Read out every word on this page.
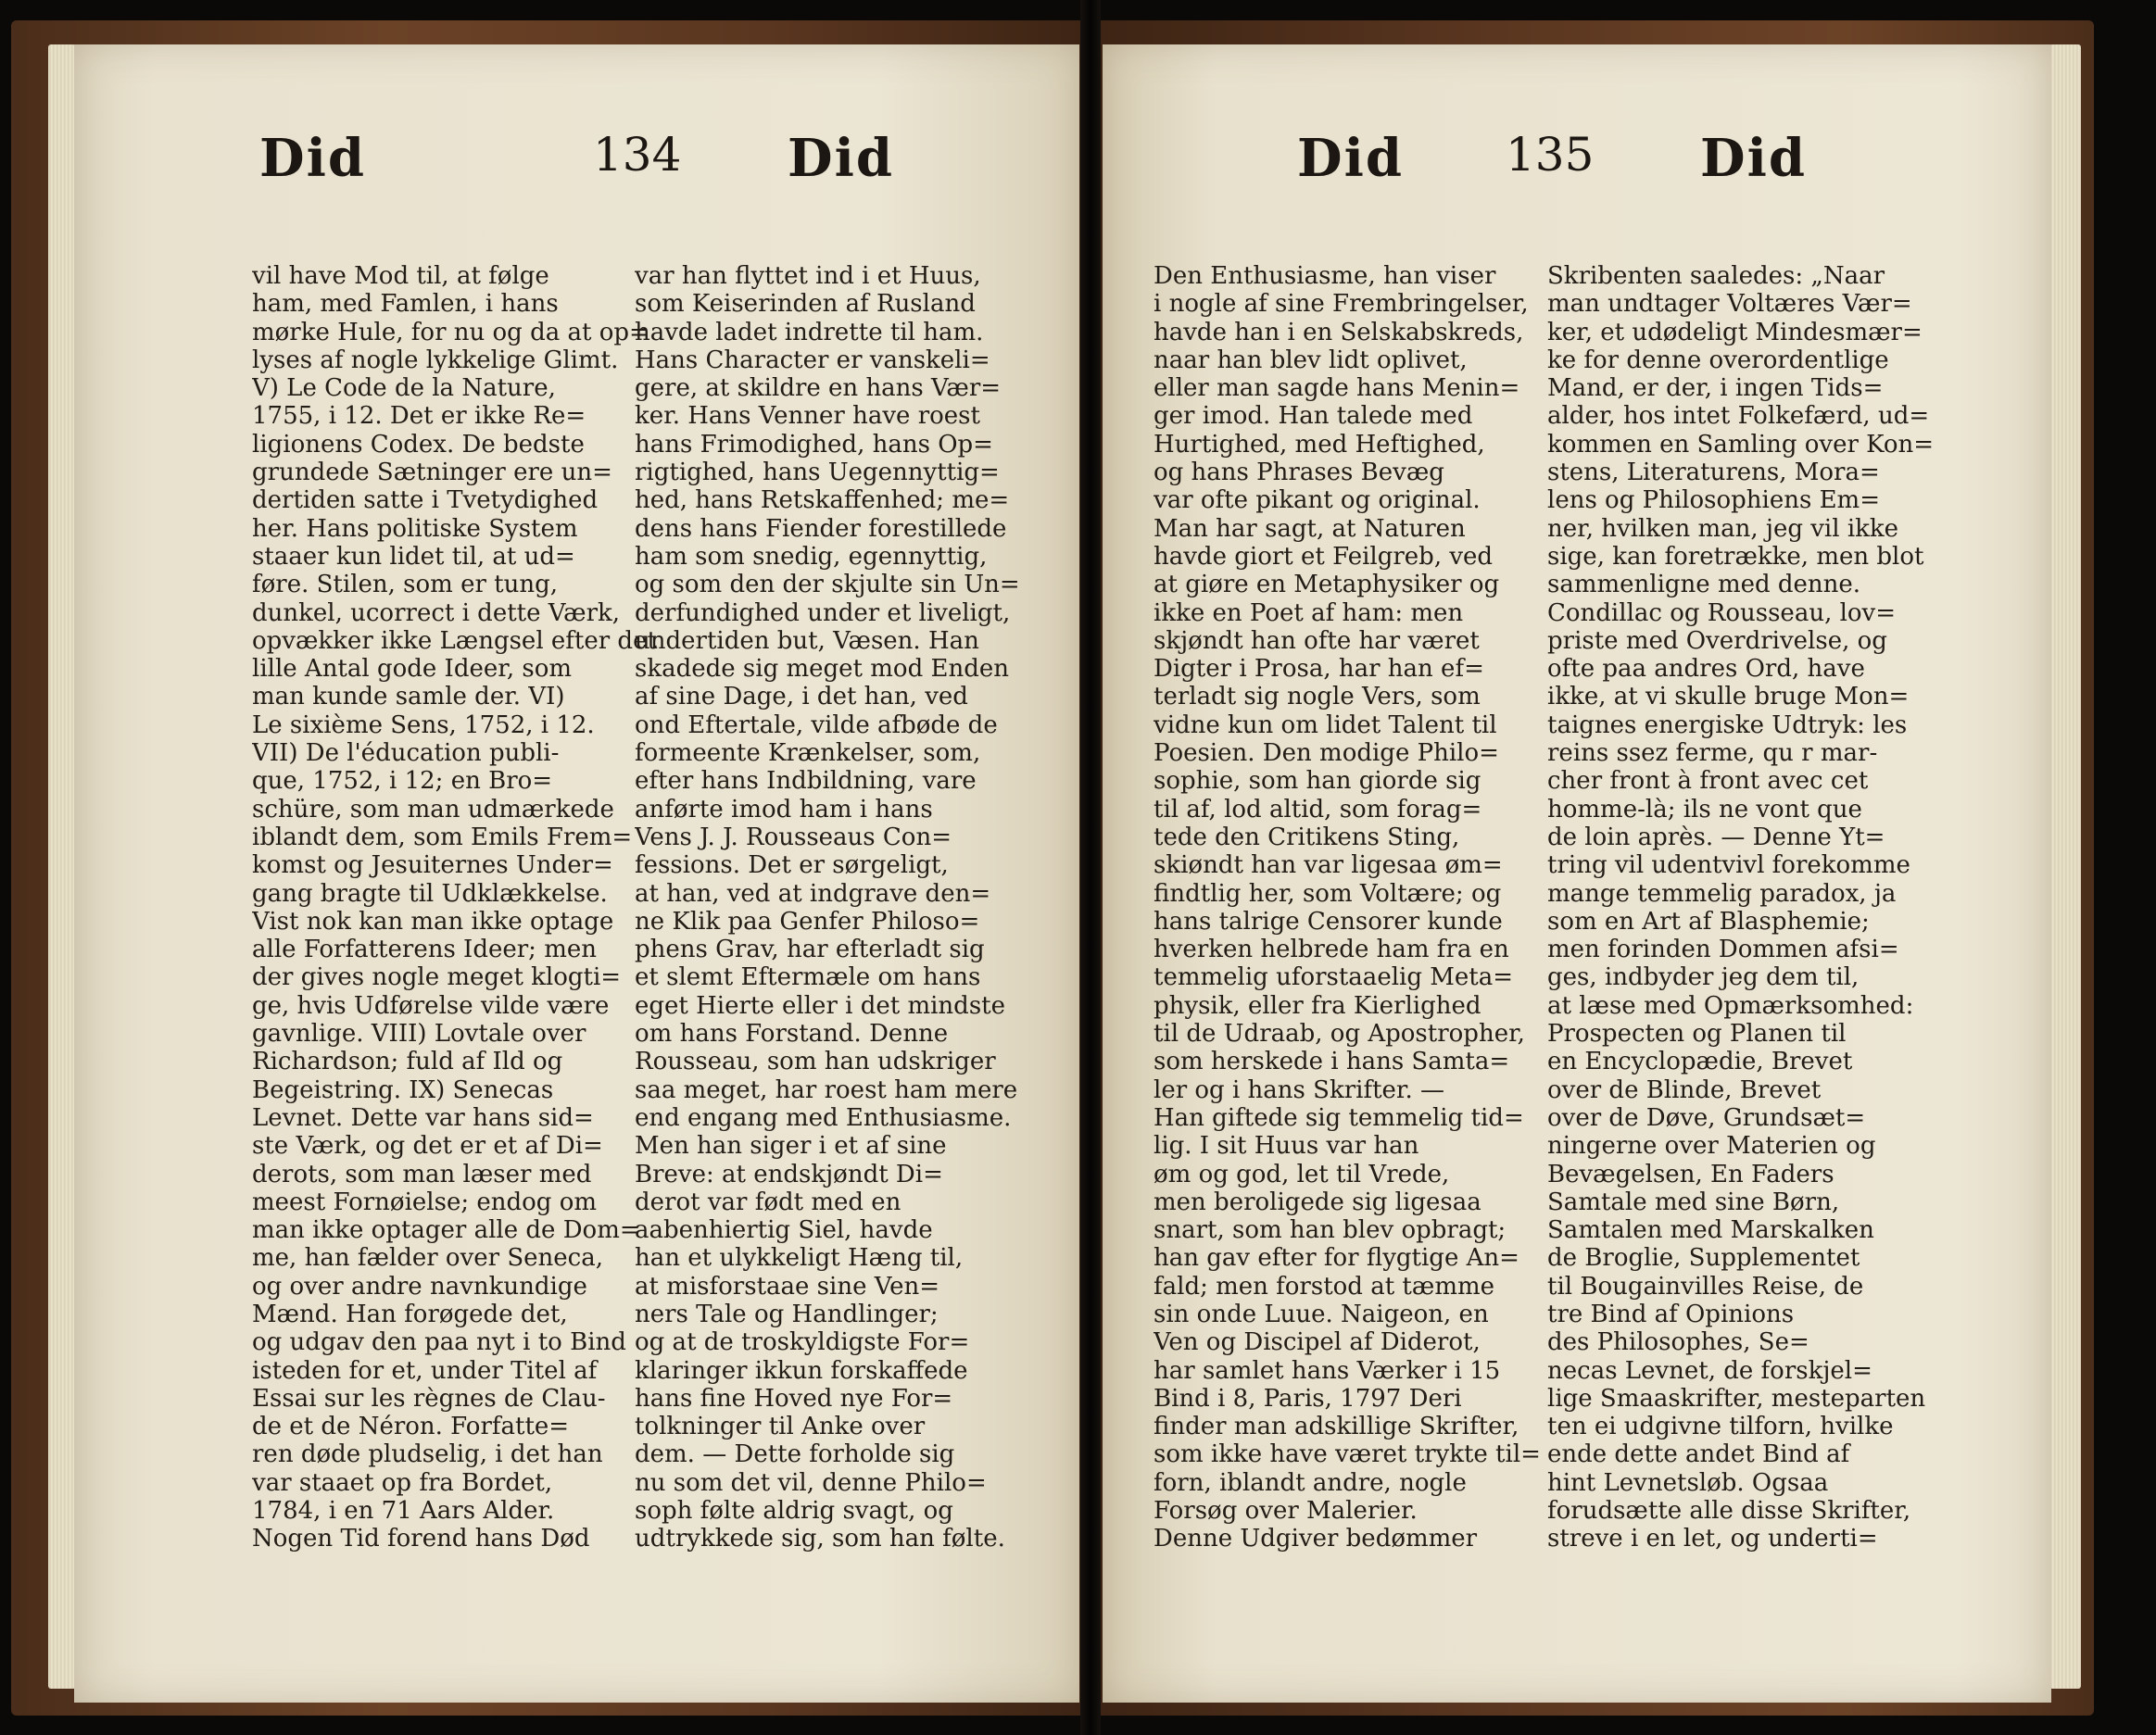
Did	134 Did
vil have Mod til, at følge
ham, med Famlen, i hans
mørke Hule, for nu og da at op=
lyses af nogle lykkelige Glimt.
V) Le Code de la Nature,
1755, i 12. Det er ikke Re=
ligionens Codex. De bedste
grundede Sætninger ere un=
dertiden satte i Tvetydighed
her. Hans politiske System
staaer kun lidet til, at ud=
føre. Stilen, som er tung,
dunkel, ucorrect i dette Værk,
opvækker ikke Længsel efter det
lille Antal gode Ideer, som
man kunde samle der. VI)
Le sixième Sens, 1752, i 12.
VII) De l'éducation publi-
que, 1752, i 12; en Bro=
schüre, som man udmærkede
iblandt dem, som Emils Frem=
komst og Jesuiternes Under=
gang bragte til Udklækkelse.
Vist nok kan man ikke optage
alle Forfatterens Ideer; men
der gives nogle meget klogti=
ge, hvis Udførelse vilde være
gavnlige. VIII) Lovtale over
Richardson; fuld af Ild og
Begeistring. IX) Senecas
Levnet. Dette var hans sid=
ste Værk, og det er et af Di=
derots, som man læser med
meest Fornøielse; endog om
man ikke optager alle de Dom=
me, han fælder over Seneca,
og over andre navnkundige
Mænd. Han forøgede det,
og udgav den paa nyt i to Bind
isteden for et, under Titel af
Essai sur les règnes de Clau-
de et de Néron. Forfatte=
ren døde pludselig, i det han
var staaet op fra Bordet,
1784, i en 71 Aars Alder.
Nogen Tid forend hans Død
var han flyttet ind i et Huus,
som Keiserinden af Rusland
havde ladet indrette til ham.
Hans Character er vanskeli=
gere, at skildre en hans Vær=
ker. Hans Venner have roest
hans Frimodighed, hans Op=
rigtighed, hans Uegennyttig=
hed, hans Retskaffenhed; me=
dens hans Fiender forestillede
ham som snedig, egennyttig,
og som den der skjulte sin Un=
derfundighed under et liveligt,
undertiden but, Væsen. Han
skadede sig meget mod Enden
af sine Dage, i det han, ved
ond Eftertale, vilde afbøde de
formeente Krænkelser, som,
efter hans Indbildning, vare
anførte imod ham i hans
Vens J. J. Rousseaus Con=
fessions. Det er sørgeligt,
at han, ved at indgrave den=
ne Klik paa Genfer Philoso=
phens Grav, har efterladt sig
et slemt Eftermæle om hans
eget Hierte eller i det mindste
om hans Forstand. Denne
Rousseau, som han udskriger
saa meget, har roest ham mere
end engang med Enthusiasme.
Men han siger i et af sine
Breve: at endskjøndt Di=
derot var født med en
aabenhiertig Siel, havde
han et ulykkeligt Hæng til,
at misforstaae sine Ven=
ners Tale og Handlinger;
og at de troskyldigste For=
klaringer ikkun forskaffede
hans fine Hoved nye For=
tolkninger til Anke over
dem. — Dette forholde sig
nu som det vil, denne Philo=
soph følte aldrig svagt, og
udtrykkede sig, som han følte.
Did 135 Did
Den Enthusiasme, han viser
i nogle af sine Frembringelser,
havde han i en Selskabskreds,
naar han blev lidt oplivet,
eller man sagde hans Menin=
ger imod. Han talede med
Hurtighed, med Heftighed,
og hans Phrases Bevæg
var ofte pikant og original.
Man har sagt, at Naturen
havde giort et Feilgreb, ved
at giøre en Metaphysiker og
ikke en Poet af ham: men
skjøndt han ofte har været
Digter i Prosa, har han ef=
terladt sig nogle Vers, som
vidne kun om lidet Talent til
Poesien. Den modige Philo=
sophie, som han giorde sig
til af, lod altid, som forag=
tede den Critikens Sting,
skiøndt han var ligesaa øm=
findtlig her, som Voltære; og
hans talrige Censorer kunde
hverken helbrede ham fra en
temmelig uforstaaelig Meta=
physik, eller fra Kierlighed
til de Udraab, og Apostropher,
som herskede i hans Samta=
ler og i hans Skrifter. —
Han giftede sig temmelig tid=
lig. I sit Huus var han
øm og god, let til Vrede,
men beroligede sig ligesaa
snart, som han blev opbragt;
han gav efter for flygtige An=
fald; men forstod at tæmme
sin onde Luue. Naigeon, en
Ven og Discipel af Diderot,
har samlet hans Værker i 15
Bind i 8, Paris, 1797 Deri
finder man adskillige Skrifter,
som ikke have været trykte til=
forn, iblandt andre, nogle
Forsøg over Malerier.
Denne Udgiver bedømmer
Skribenten saaledes: „Naar
man undtager Voltæres Vær=
ker, et udødeligt Mindesmær=
ke for denne overordentlige
Mand, er der, i ingen Tids=
alder, hos intet Folkefærd, ud=
kommen en Samling over Kon=
stens, Literaturens, Mora=
lens og Philosophiens Em=
ner, hvilken man, jeg vil ikke
sige, kan foretrække, men blot
sammenligne med denne.
Condillac og Rousseau, lov=
priste med Overdrivelse, og
ofte paa andres Ord, have
ikke, at vi skulle bruge Mon=
taignes energiske Udtryk: les
reins ssez ferme, qu r mar-
cher front à front avec cet
homme-là; ils ne vont que
de loin après. — Denne Yt=
tring vil udentvivl forekomme
mange temmelig paradox, ja
som en Art af Blasphemie;
men forinden Dommen afsi=
ges, indbyder jeg dem til,
at læse med Opmærksomhed:
Prospecten og Planen til
en Encyclopædie, Brevet
over de Blinde, Brevet
over de Døve, Grundsæt=
ningerne over Materien og
Bevægelsen, En Faders
Samtale med sine Børn,
Samtalen med Marskalken
de Broglie, Supplementet
til Bougainvilles Reise, de
tre Bind af Opinions
des Philosophes, Se=
necas Levnet, de forskjel=
lige Smaaskrifter, mesteparten
ten ei udgivne tilforn, hvilke
ende dette andet Bind af
hint Levnetsløb. Ogsaa
forudsætte alle disse Skrifter,
streve i en let, og underti=
